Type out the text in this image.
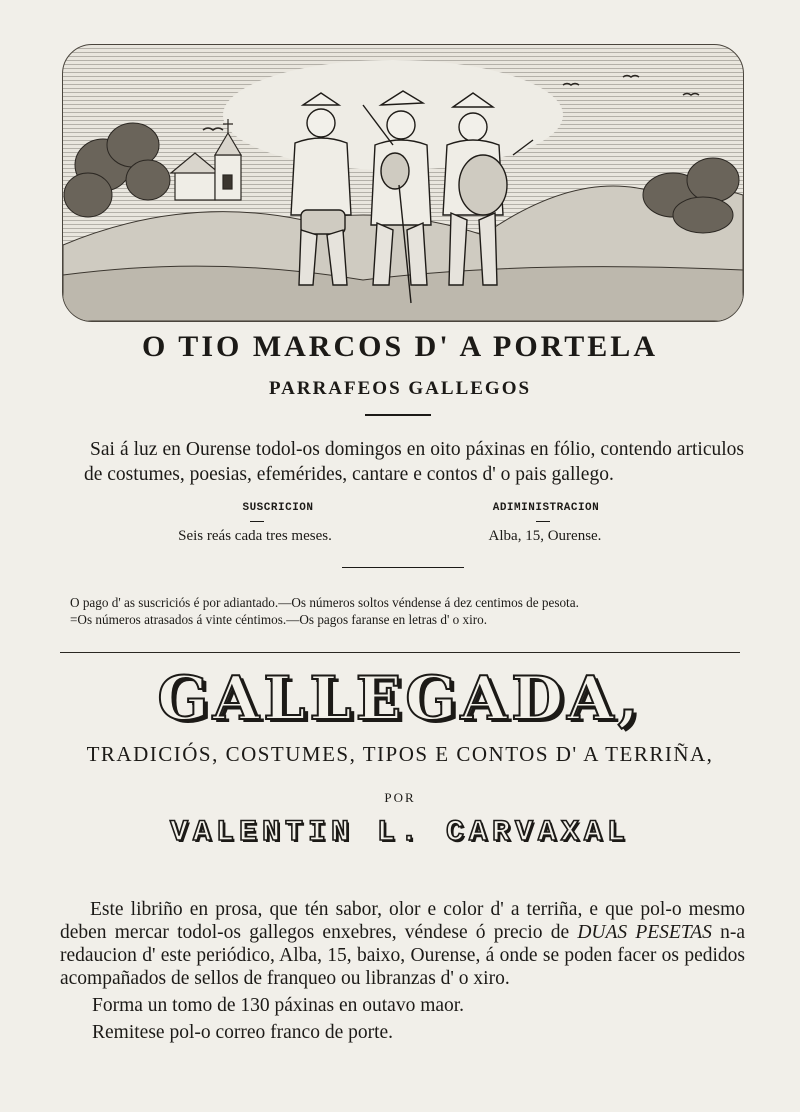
O TIO MARCOS D' A PORTELA
PARRAFEOS GALLEGOS
Sai á luz en Ourense todol-os domingos en oito páxinas en fólio, contendo articulos de costumes, poesias, efemérides, cantare e contos d' o pais gallego.
SUSCRICION
Seis reás cada tres meses.
ADIMINISTRACION
Alba, 15, Ourense.
O pago d' as suscriciós é por adiantado.—Os números soltos véndense á dez centimos de pesota.
=Os números atrasados á vinte céntimos.—Os pagos faranse en letras d' o xiro.
GALLEGADA,
TRADICIÓS, COSTUMES, TIPOS E CONTOS D' A TERRIÑA,
POR
VALENTIN L. CARVAXAL
Este libriño en prosa, que tén sabor, olor e color d' a terriña, e que pol-o mesmo deben mercar todol-os gallegos enxebres, véndese ó precio de DUAS PESETAS n-a redaucion d' este periódico, Alba, 15, baixo, Ourense, á onde se poden facer os pedidos acompañados de sellos de franqueo ou libranzas d' o xiro.
Forma un tomo de 130 páxinas en outavo maor.
Remitese pol-o correo franco de porte.
